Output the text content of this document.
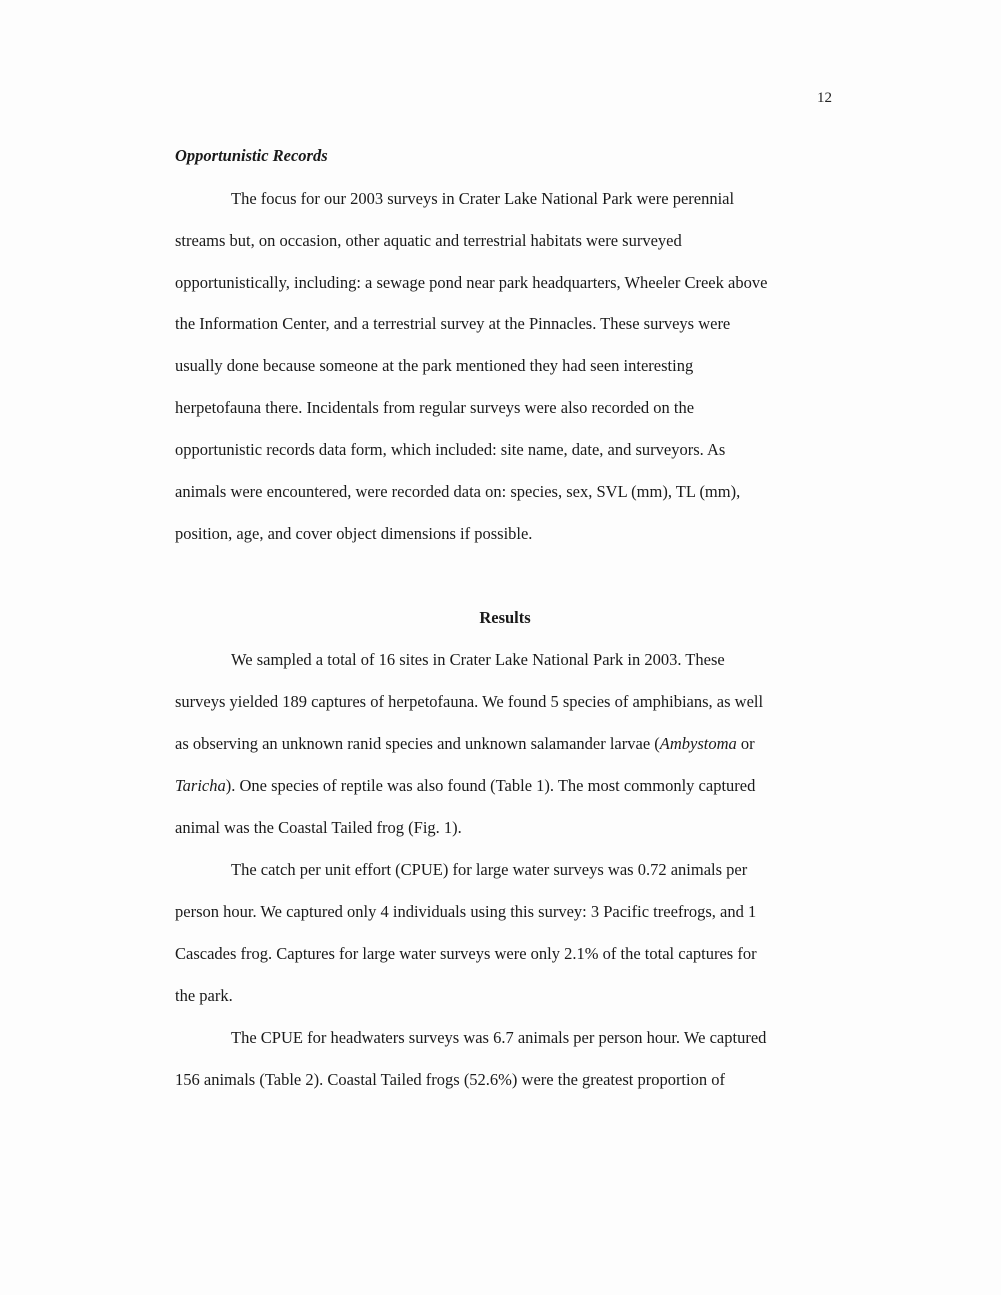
12
Opportunistic Records
The focus for our 2003 surveys in Crater Lake National Park were perennial
streams but, on occasion, other aquatic and terrestrial habitats were surveyed
opportunistically, including: a sewage pond near park headquarters, Wheeler Creek above
the Information Center, and a terrestrial survey at the Pinnacles. These surveys were
usually done because someone at the park mentioned they had seen interesting
herpetofauna there. Incidentals from regular surveys were also recorded on the
opportunistic records data form, which included: site name, date, and surveyors. As
animals were encountered, were recorded data on: species, sex, SVL (mm), TL (mm),
position, age, and cover object dimensions if possible.
Results
We sampled a total of 16 sites in Crater Lake National Park in 2003. These
surveys yielded 189 captures of herpetofauna. We found 5 species of amphibians, as well
as observing an unknown ranid species and unknown salamander larvae (Ambystoma or
Taricha). One species of reptile was also found (Table 1). The most commonly captured
animal was the Coastal Tailed frog (Fig. 1).
The catch per unit effort (CPUE) for large water surveys was 0.72 animals per
person hour. We captured only 4 individuals using this survey: 3 Pacific treefrogs, and 1
Cascades frog. Captures for large water surveys were only 2.1% of the total captures for
the park.
The CPUE for headwaters surveys was 6.7 animals per person hour. We captured
156 animals (Table 2). Coastal Tailed frogs (52.6%) were the greatest proportion of
